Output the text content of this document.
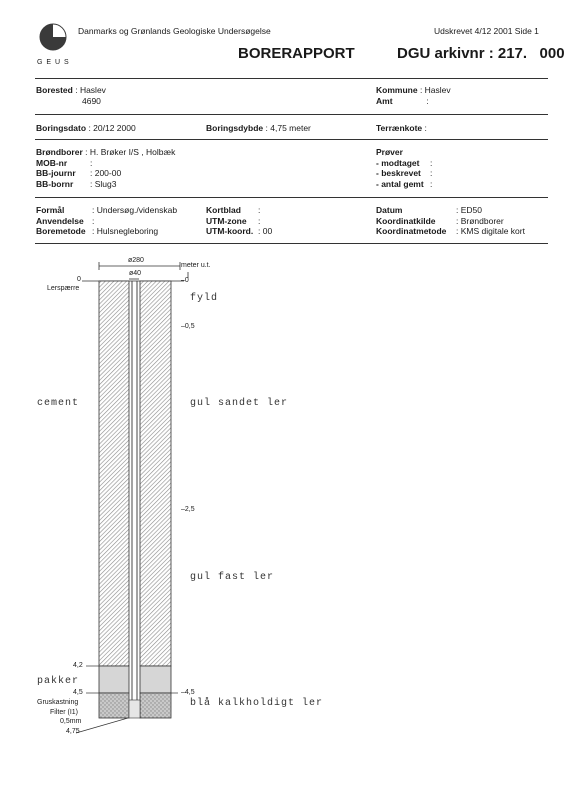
G E U S
Danmarks og Grønlands Geologiske Undersøgelse	Udskrevet 4/12 2001 Side 1
BORERAPPORT	DGU arkivnr : 217.   000
Borested : Haslev
4690
Kommune : Haslev
Amt	:
Boringsdato : 20/12 2000	Boringsdybde : 4,75 meter	Terrænkote :
Brøndborer : H. Brøker I/S , Holbæk
MOB-nr	:
BB-journr : 200-00
BB-bornr : Slug3
Prøver
- modtaget :
- beskrevet :
- antal gemt :
Formål	: Undersøg./videnskab
Anvendelse :
Boremetode : Hulsnegleboring
Kortblad :
UTM-zone :
UTM-koord. : 00
Datum	: ED50
Koordinatkilde : Brøndborer
Koordinatmetode : KMS digitale kort
ø280
ø40
meter u.t.
0	–0
Lerspærre
–0,5
–2,5
–4,5
4,2
4,5
Gruskastning
Filter (I1)
0,5mm
4,75
cement
pakker
fyld
gul sandet ler
gul fast ler
blå kalkholdigt ler
